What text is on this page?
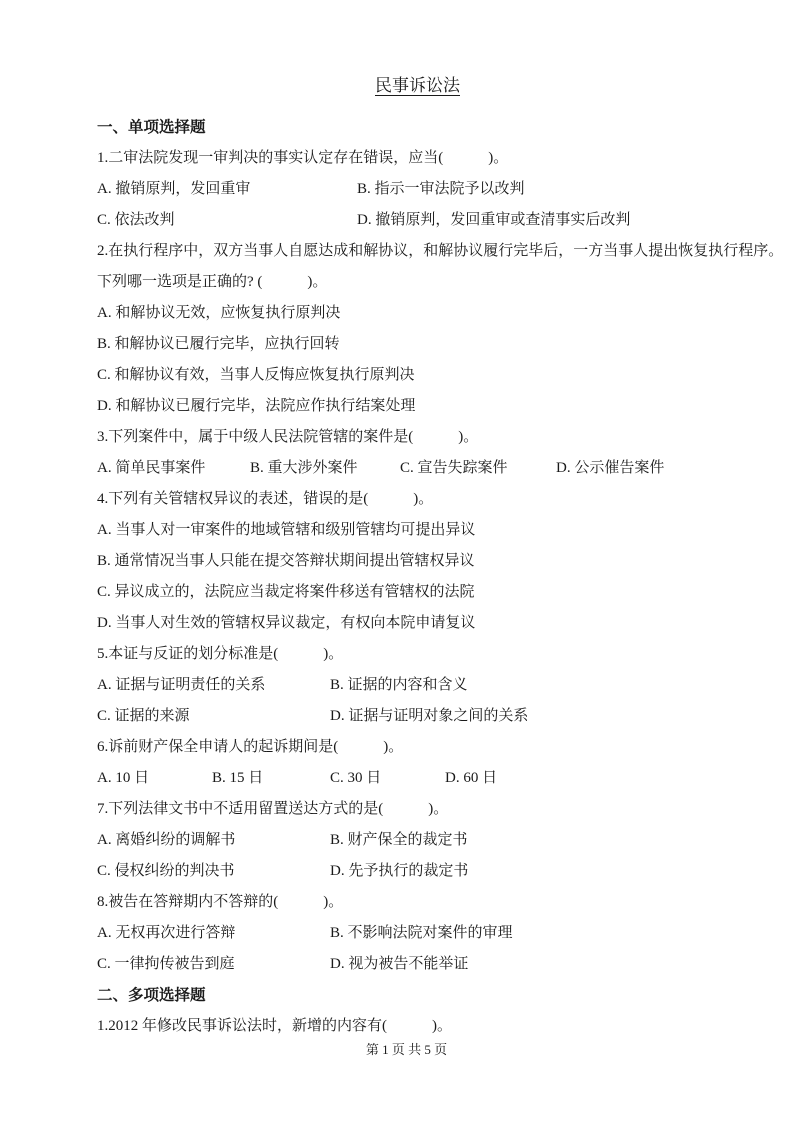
民事诉讼法
一、单项选择题
1.二审法院发现一审判决的事实认定存在错误，应当(　　　)。
A. 撤销原判，发回重审	B. 指示一审法院予以改判
C. 依法改判	D. 撤销原判，发回重审或查清事实后改判
2.在执行程序中，双方当事人自愿达成和解协议，和解协议履行完毕后，一方当事人提出恢复执行程序。
下列哪一选项是正确的? (　　　)。
A. 和解协议无效，应恢复执行原判决
B. 和解协议已履行完毕，应执行回转
C. 和解协议有效，当事人反悔应恢复执行原判决
D. 和解协议已履行完毕，法院应作执行结案处理
3.下列案件中，属于中级人民法院管辖的案件是(　　　)。
A. 简单民事案件	B. 重大涉外案件	C. 宣告失踪案件	D. 公示催告案件
4.下列有关管辖权异议的表述，错误的是(　　　)。
A. 当事人对一审案件的地域管辖和级别管辖均可提出异议
B. 通常情况当事人只能在提交答辩状期间提出管辖权异议
C. 异议成立的，法院应当裁定将案件移送有管辖权的法院
D. 当事人对生效的管辖权异议裁定，有权向本院申请复议
5.本证与反证的划分标准是(　　　)。
A. 证据与证明责任的关系	B. 证据的内容和含义
C. 证据的来源	D. 证据与证明对象之间的关系
6.诉前财产保全申请人的起诉期间是(　　　)。
A. 10 日	B. 15 日	C. 30 日	D. 60 日
7.下列法律文书中不适用留置送达方式的是(　　　)。
A. 离婚纠纷的调解书	B. 财产保全的裁定书
C. 侵权纠纷的判决书	D. 先予执行的裁定书
8.被告在答辩期内不答辩的(　　　)。
A. 无权再次进行答辩	B. 不影响法院对案件的审理
C. 一律拘传被告到庭	D. 视为被告不能举证
二、多项选择题
1.2012 年修改民事诉讼法时，新增的内容有(　　　)。
第 1 页 共 5 页
